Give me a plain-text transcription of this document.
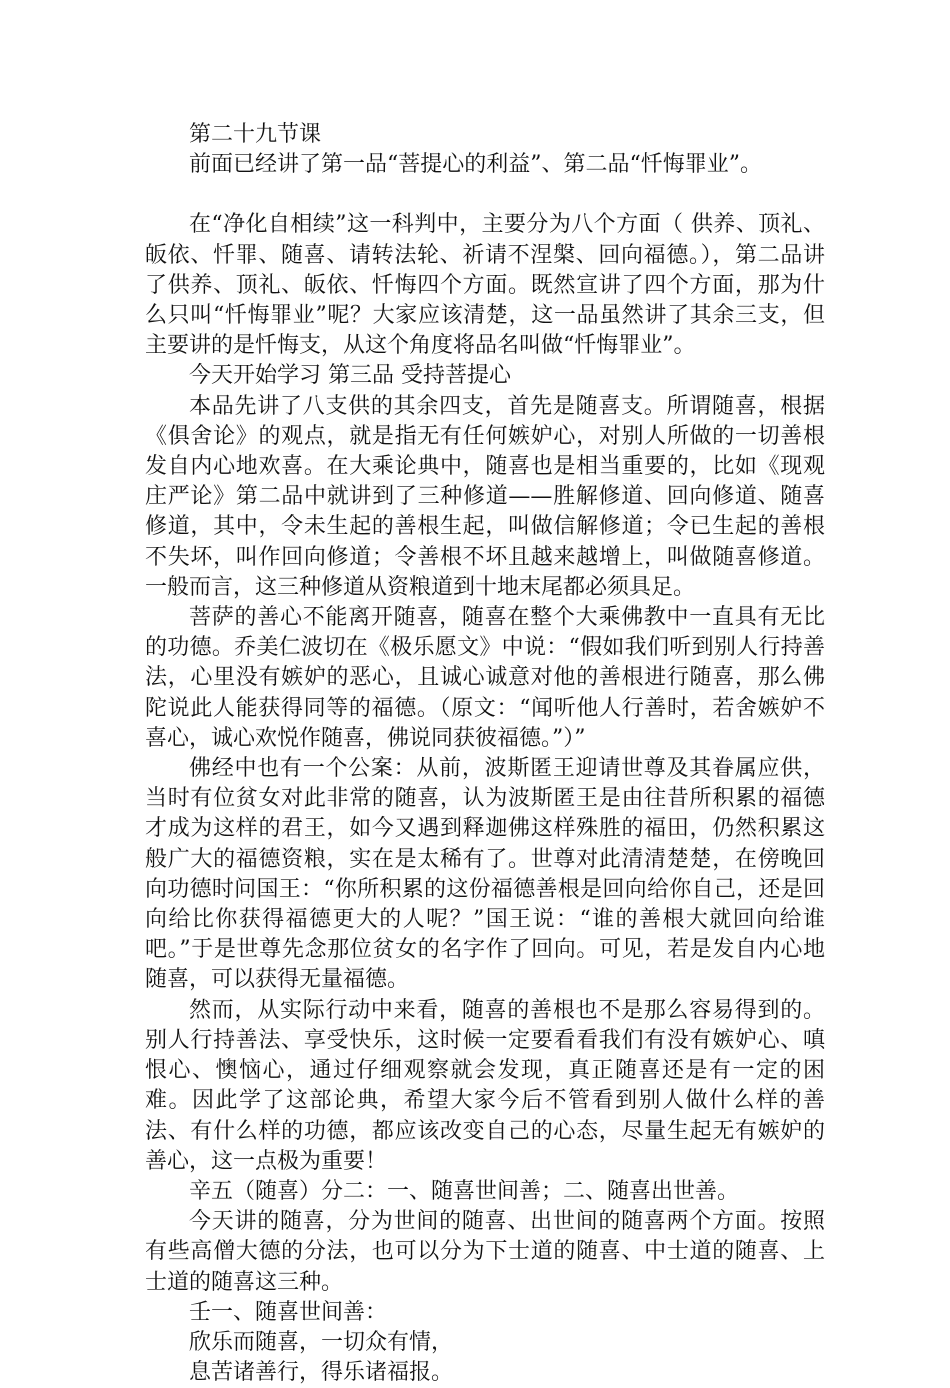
第二十九节课

前面已经讲了第一品“菩提心的利益”、第二品“忏悔罪业”。

在“净化自相续”这一科判中，主要分为八个方面（ 供养、顶礼、皈依、忏罪、随喜、请转法轮、祈请不涅槃、回向福德。），第二品讲了供养、顶礼、皈依、忏悔四个方面。既然宣讲了四个方面，那为什么只叫“忏悔罪业”呢？大家应该清楚，这一品虽然讲了其余三支，但主要讲的是忏悔支，从这个角度将品名叫做“忏悔罪业”。

今天开始学习 第三品 受持菩提心

本品先讲了八支供的其余四支，首先是随喜支。所谓随喜，根据《俱舍论》的观点，就是指无有任何嫉妒心，对别人所做的一切善根发自内心地欢喜。在大乘论典中，随喜也是相当重要的，比如《现观庄严论》第二品中就讲到了三种修道——胜解修道、回向修道、随喜修道，其中，令未生起的善根生起，叫做信解修道；令已生起的善根不失坏，叫作回向修道；令善根不坏且越来越增上，叫做随喜修道。一般而言，这三种修道从资粮道到十地末尾都必须具足。

菩萨的善心不能离开随喜，随喜在整个大乘佛教中一直具有无比的功德。乔美仁波切在《极乐愿文》中说：“假如我们听到别人行持善法，心里没有嫉妒的恶心，且诚心诚意对他的善根进行随喜，那么佛陀说此人能获得同等的福德。（原文：“闻听他人行善时，若舍嫉妒不喜心，诚心欢悦作随喜，佛说同获彼福德。”）”

佛经中也有一个公案：从前，波斯匿王迎请世尊及其眷属应供，当时有位贫女对此非常的随喜，认为波斯匿王是由往昔所积累的福德才成为这样的君王，如今又遇到释迦佛这样殊胜的福田，仍然积累这般广大的福德资粮，实在是太稀有了。世尊对此清清楚楚，在傍晚回向功德时问国王：“你所积累的这份福德善根是回向给你自己，还是回向给比你获得福德更大的人呢？”国王说：“谁的善根大就回向给谁吧。”于是世尊先念那位贫女的名字作了回向。可见，若是发自内心地随喜，可以获得无量福德。

然而，从实际行动中来看，随喜的善根也不是那么容易得到的。别人行持善法、享受快乐，这时候一定要看看我们有没有嫉妒心、嗔恨心、懊恼心，通过仔细观察就会发现，真正随喜还是有一定的困难。因此学了这部论典，希望大家今后不管看到别人做什么样的善法、有什么样的功德，都应该改变自己的心态，尽量生起无有嫉妒的善心，这一点极为重要！

辛五（随喜）分二：一、随喜世间善；二、随喜出世善。

今天讲的随喜，分为世间的随喜、出世间的随喜两个方面。按照有些高僧大德的分法，也可以分为下士道的随喜、中士道的随喜、上士道的随喜这三种。

壬一、随喜世间善：

欣乐而随喜，一切众有情，

息苦诸善行，得乐诸福报。
